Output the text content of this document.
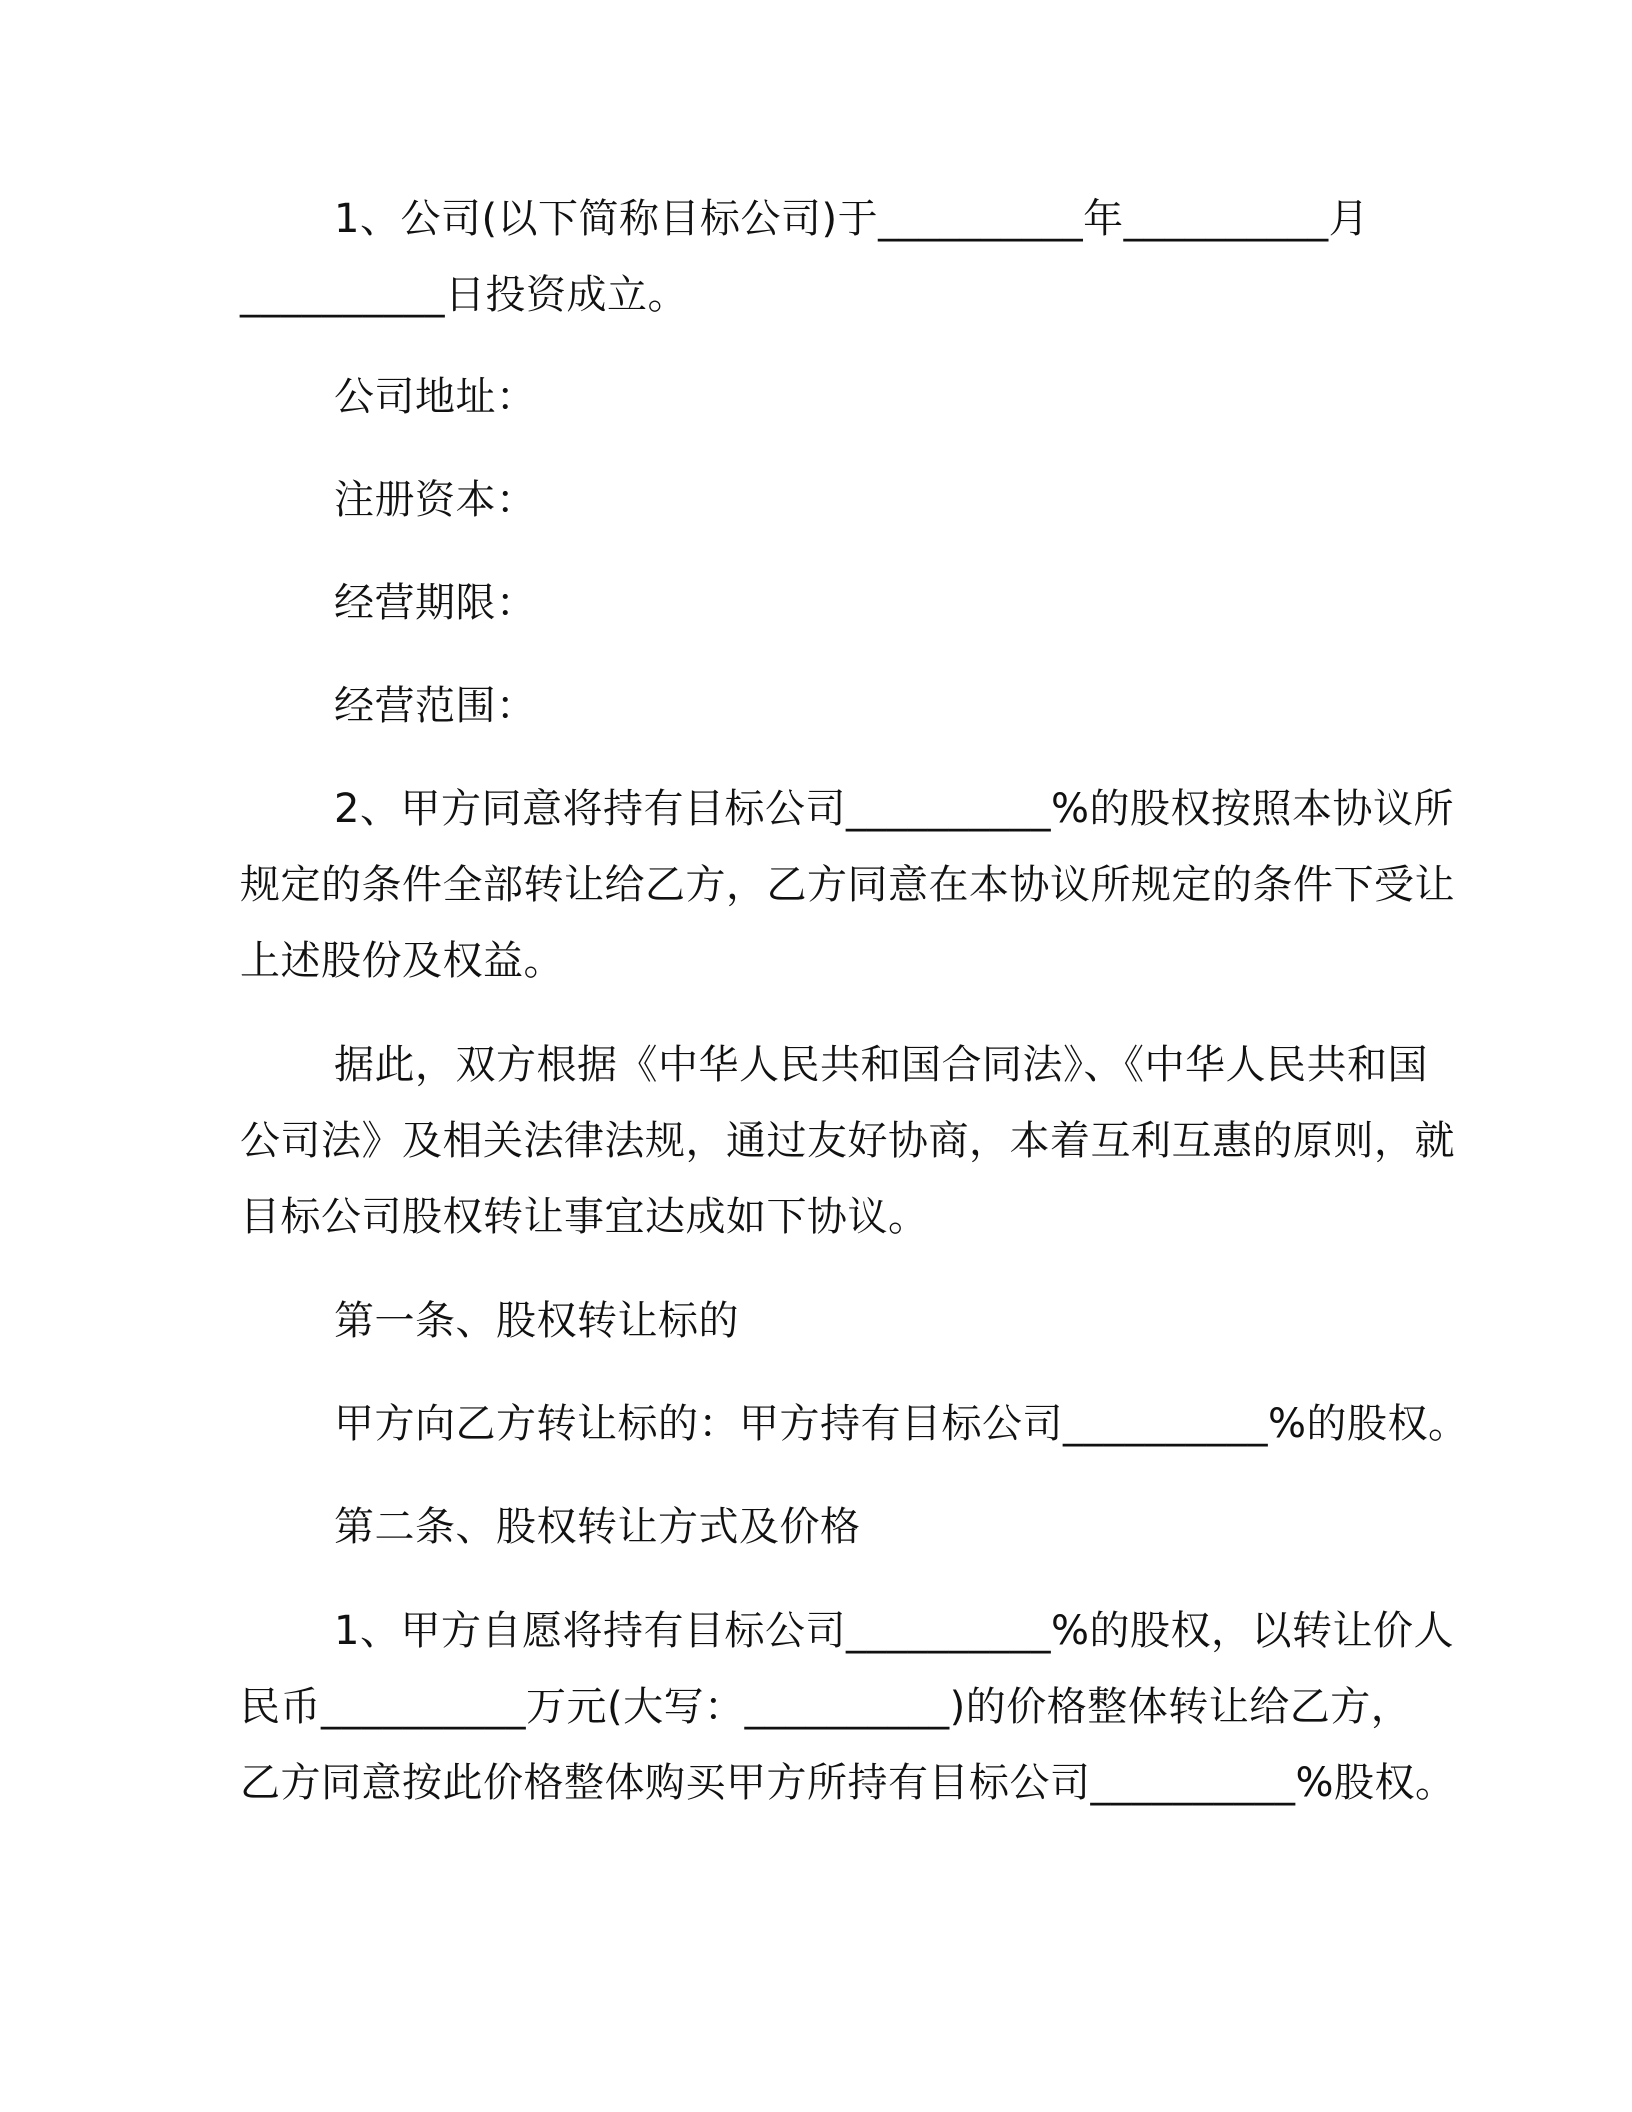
1、公司(以下简称目标公司)于__________年__________月
__________日投资成立。
公司地址：
注册资本：
经营期限：
经营范围：
2、甲方同意将持有目标公司__________%的股权按照本协议所
规定的条件全部转让给乙方，乙方同意在本协议所规定的条件下受让
上述股份及权益。
据此，双方根据《中华人民共和国合同法》、《中华人民共和国
公司法》及相关法律法规，通过友好协商，本着互利互惠的原则，就
目标公司股权转让事宜达成如下协议。
第一条、股权转让标的
甲方向乙方转让标的：甲方持有目标公司__________%的股权。
第二条、股权转让方式及价格
1、甲方自愿将持有目标公司__________%的股权，以转让价人
民币__________万元(大写：__________)的价格整体转让给乙方，
乙方同意按此价格整体购买甲方所持有目标公司__________%股权。
